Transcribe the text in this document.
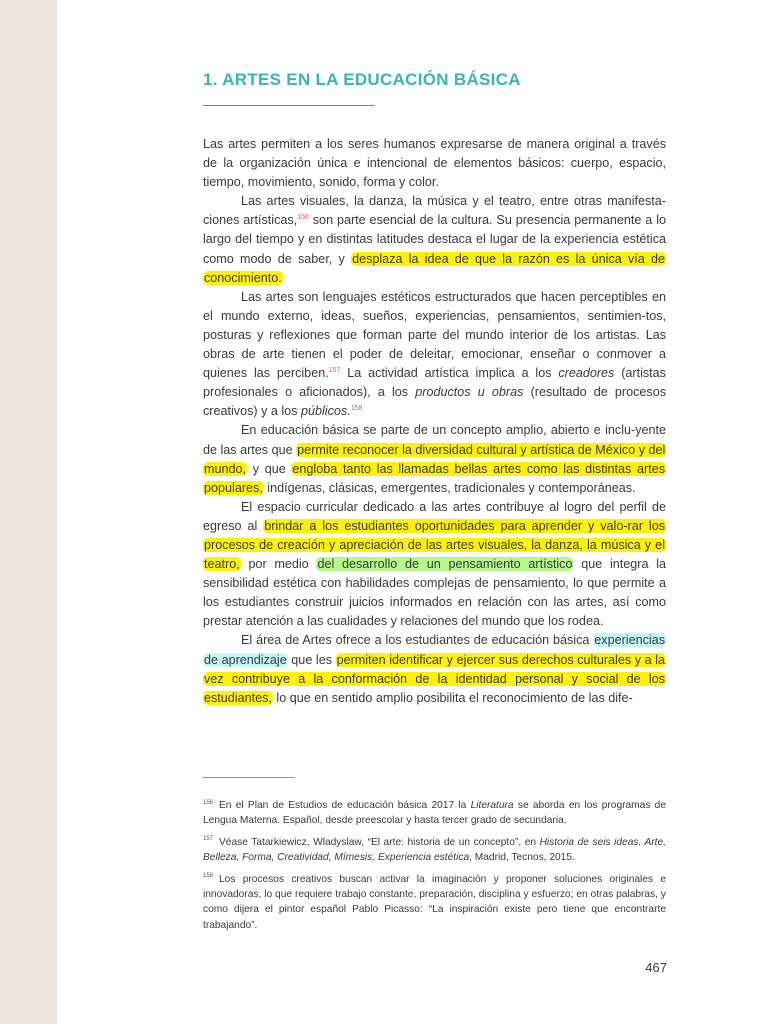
1. ARTES EN LA EDUCACIÓN BÁSICA

Las artes permiten a los seres humanos expresarse de manera original a través de la organización única e intencional de elementos básicos: cuerpo, espacio, tiempo, movimiento, sonido, forma y color.

Las artes visuales, la danza, la música y el teatro, entre otras manifesta-ciones artísticas,$^{156}$ son parte esencial de la cultura. Su presencia permanente a lo largo del tiempo y en distintas latitudes destaca el lugar de la experiencia estética como modo de saber, y desplaza la idea de que la razón es la única vía de conocimiento.

Las artes son lenguajes estéticos estructurados que hacen perceptibles en el mundo externo, ideas, sueños, experiencias, pensamientos, sentimien-tos, posturas y reflexiones que forman parte del mundo interior de los artistas. Las obras de arte tienen el poder de deleitar, emocionar, enseñar o conmover a quienes las perciben.$^{157}$ La actividad artística implica a los creadores (artistas profesionales o aficionados), a los productos u obras (resultado de procesos creativos) y a los públicos.$^{158}$

En educación básica se parte de un concepto amplio, abierto e inclu-yente de las artes que permite reconocer la diversidad cultural y artística de México y del mundo, y que engloba tanto las llamadas bellas artes como las distintas artes populares, indígenas, clásicas, emergentes, tradicionales y contemporáneas.

El espacio curricular dedicado a las artes contribuye al logro del perfil de egreso al brindar a los estudiantes oportunidades para aprender y valo-rar los procesos de creación y apreciación de las artes visuales, la danza, la música y el teatro, por medio del desarrollo de un pensamiento artístico que integra la sensibilidad estética con habilidades complejas de pensamiento, lo que permite a los estudiantes construir juicios informados en relación con las artes, así como prestar atención a las cualidades y relaciones del mundo que los rodea.

El área de Artes ofrece a los estudiantes de educación básica experiencias de aprendizaje que les permiten identificar y ejercer sus derechos culturales y a la vez contribuye a la conformación de la identidad personal y social de los estudiantes, lo que en sentido amplio posibilita el reconocimiento de las dife-

$^{156}$ En el Plan de Estudios de educación básica 2017 la Literatura se aborda en los programas de Lengua Materna. Español, desde preescolar y hasta tercer grado de secundaria.

$^{157}$ Véase Tatarkiewicz, Wladyslaw, “El arte: historia de un concepto”, en Historia de seis ideas. Arte, Belleza, Forma, Creatividad, Mímesis, Experiencia estética, Madrid, Tecnos, 2015.

$^{158}$ Los procesos creativos buscan activar la imaginación y proponer soluciones originales e innovadoras, lo que requiere trabajo constante, preparación, disciplina y esfuerzo; en otras palabras, y como dijera el pintor español Pablo Picasso: “La inspiración existe pero tiene que encontrarte trabajando”.

467
